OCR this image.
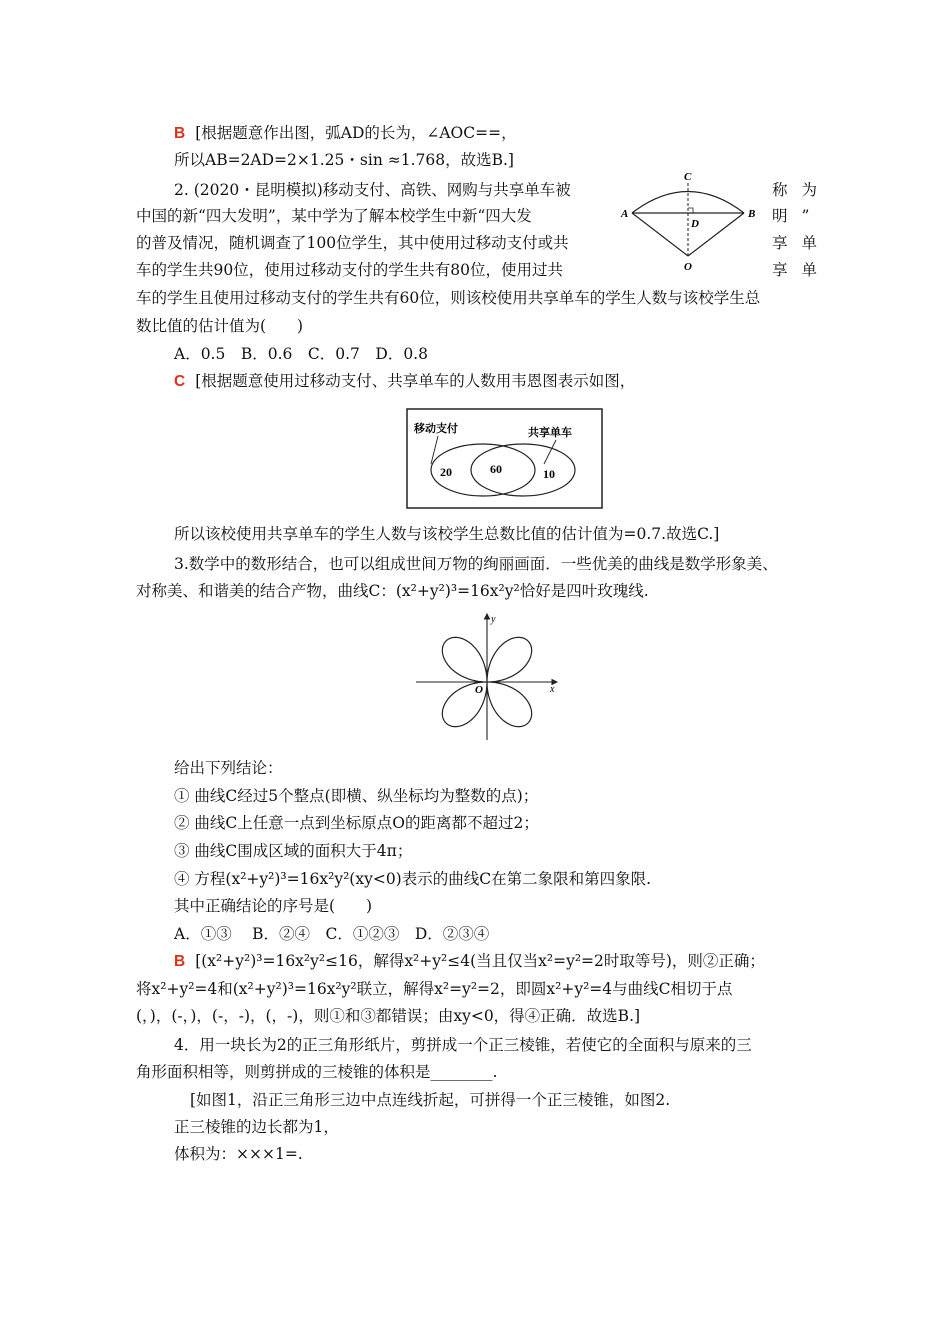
B [根据题意作出图，弧AD的长为，∠AOC==，
所以AB=2AD=2×1.25・sin ≈1.768，故选B.]
2. (2020・昆明模拟)移动支付、高铁、网购与共享单车被
中国的新“四大发明”，某中学为了解本校学生中新“四大发
的普及情况，随机调查了100位学生，其中使用过移动支付或共
车的学生共90位，使用过移动支付的学生共有80位，使用过共
车的学生且使用过移动支付的学生共有60位，则该校使用共享单车的学生人数与该校学生总
数比值的估计值为(　　)
A．0.5　B．0.6　C．0.7　D．0.8
C [根据题意使用过移动支付、共享单车的人数用韦恩图表示如图，
所以该校使用共享单车的学生人数与该校学生总数比值的估计值为=0.7.故选C.]
3.数学中的数形结合，也可以组成世间万物的绚丽画面．一些优美的曲线是数学形象美、
对称美、和谐美的结合产物，曲线C：(x²+y²)³=16x²y²恰好是四叶玫瑰线.
给出下列结论：
① 曲线C经过5个整点(即横、纵坐标均为整数的点)；
② 曲线C上任意一点到坐标原点O的距离都不超过2；
③ 曲线C围成区域的面积大于4π；
④ 方程(x²+y²)³=16x²y²(xy<0)表示的曲线C在第二象限和第四象限.
其中正确结论的序号是(　　)
A．①③　 B．②④　C．①②③　D．②③④
B [(x²+y²)³=16x²y²≤16，解得x²+y²≤4(当且仅当x²=y²=2时取等号)，则②正确；
将x²+y²=4和(x²+y²)³=16x²y²联立，解得x²=y²=2，即圆x²+y²=4与曲线C相切于点
(，)，(-，)，(-，-)，(，-)，则①和③都错误；由xy<0，得④正确．故选B.]
4．用一块长为2的正三角形纸片，剪拼成一个正三棱锥，若使它的全面积与原来的三
角形面积相等，则剪拼成的三棱锥的体积是________.
[如图1，沿正三角形三边中点连线折起，可拼得一个正三棱锥，如图2.
正三棱锥的边长都为1，
体积为：×××1=.
称为
明”
享单
享单
C
A
D
B
O
移动支付	共享单车
20	60	10
x
y
O
